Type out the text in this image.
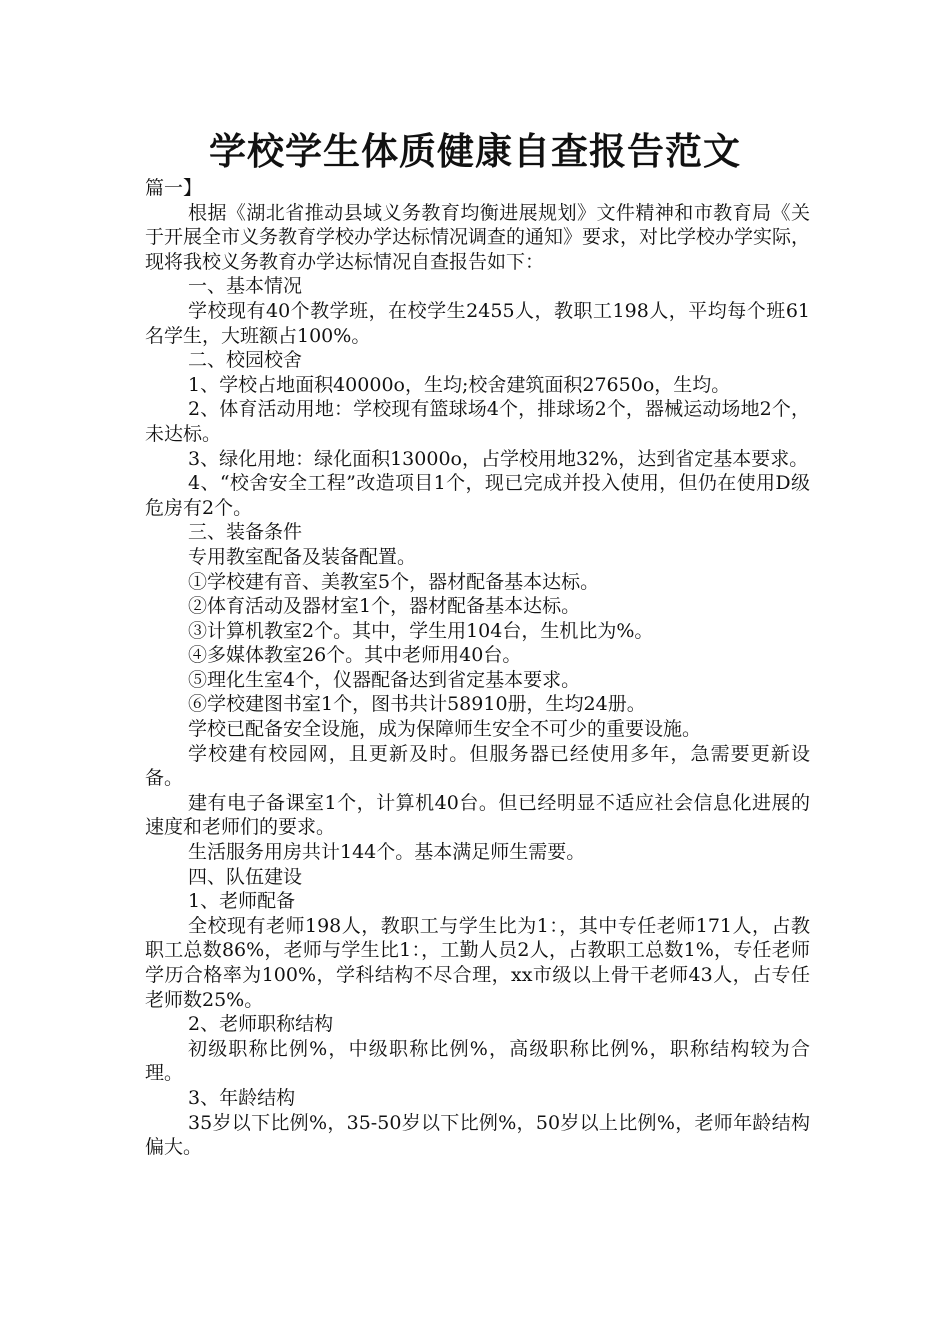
学校学生体质健康自查报告范文

篇一】

根据《湖北省推动县域义务教育均衡进展规划》文件精神和市教育局《关于开展全市义务教育学校办学达标情况调查的通知》要求，对比学校办学实际，现将我校义务教育办学达标情况自查报告如下：

一、基本情况

学校现有40个教学班，在校学生2455人，教职工198人，平均每个班61名学生，大班额占100%。

二、校园校舍

1、学校占地面积40000o，生均;校舍建筑面积27650o，生均。

2、体育活动用地：学校现有篮球场4个，排球场2个，器械运动场地2个，未达标。

3、绿化用地：绿化面积13000o，占学校用地32%，达到省定基本要求。

4、“校舍安全工程”改造项目1个，现已完成并投入使用，但仍在使用D级危房有2个。

三、装备条件

专用教室配备及装备配置。

①学校建有音、美教室5个，器材配备基本达标。

②体育活动及器材室1个，器材配备基本达标。

③计算机教室2个。其中，学生用104台，生机比为%。

④多媒体教室26个。其中老师用40台。

⑤理化生室4个，仪器配备达到省定基本要求。

⑥学校建图书室1个，图书共计58910册，生均24册。

学校已配备安全设施，成为保障师生安全不可少的重要设施。

学校建有校园网，且更新及时。但服务器已经使用多年，急需要更新设备。

建有电子备课室1个，计算机40台。但已经明显不适应社会信息化进展的速度和老师们的要求。

生活服务用房共计144个。基本满足师生需要。

四、队伍建设

1、老师配备

全校现有老师198人，教职工与学生比为1：，其中专任老师171人，占教职工总数86%，老师与学生比1：，工勤人员2人，占教职工总数1%，专任老师学历合格率为100%，学科结构不尽合理，xx市级以上骨干老师43人，占专任老师数25%。

2、老师职称结构

初级职称比例%，中级职称比例%，高级职称比例%，职称结构较为合理。

3、年龄结构

35岁以下比例%，35-50岁以下比例%，50岁以上比例%，老师年龄结构偏大。
